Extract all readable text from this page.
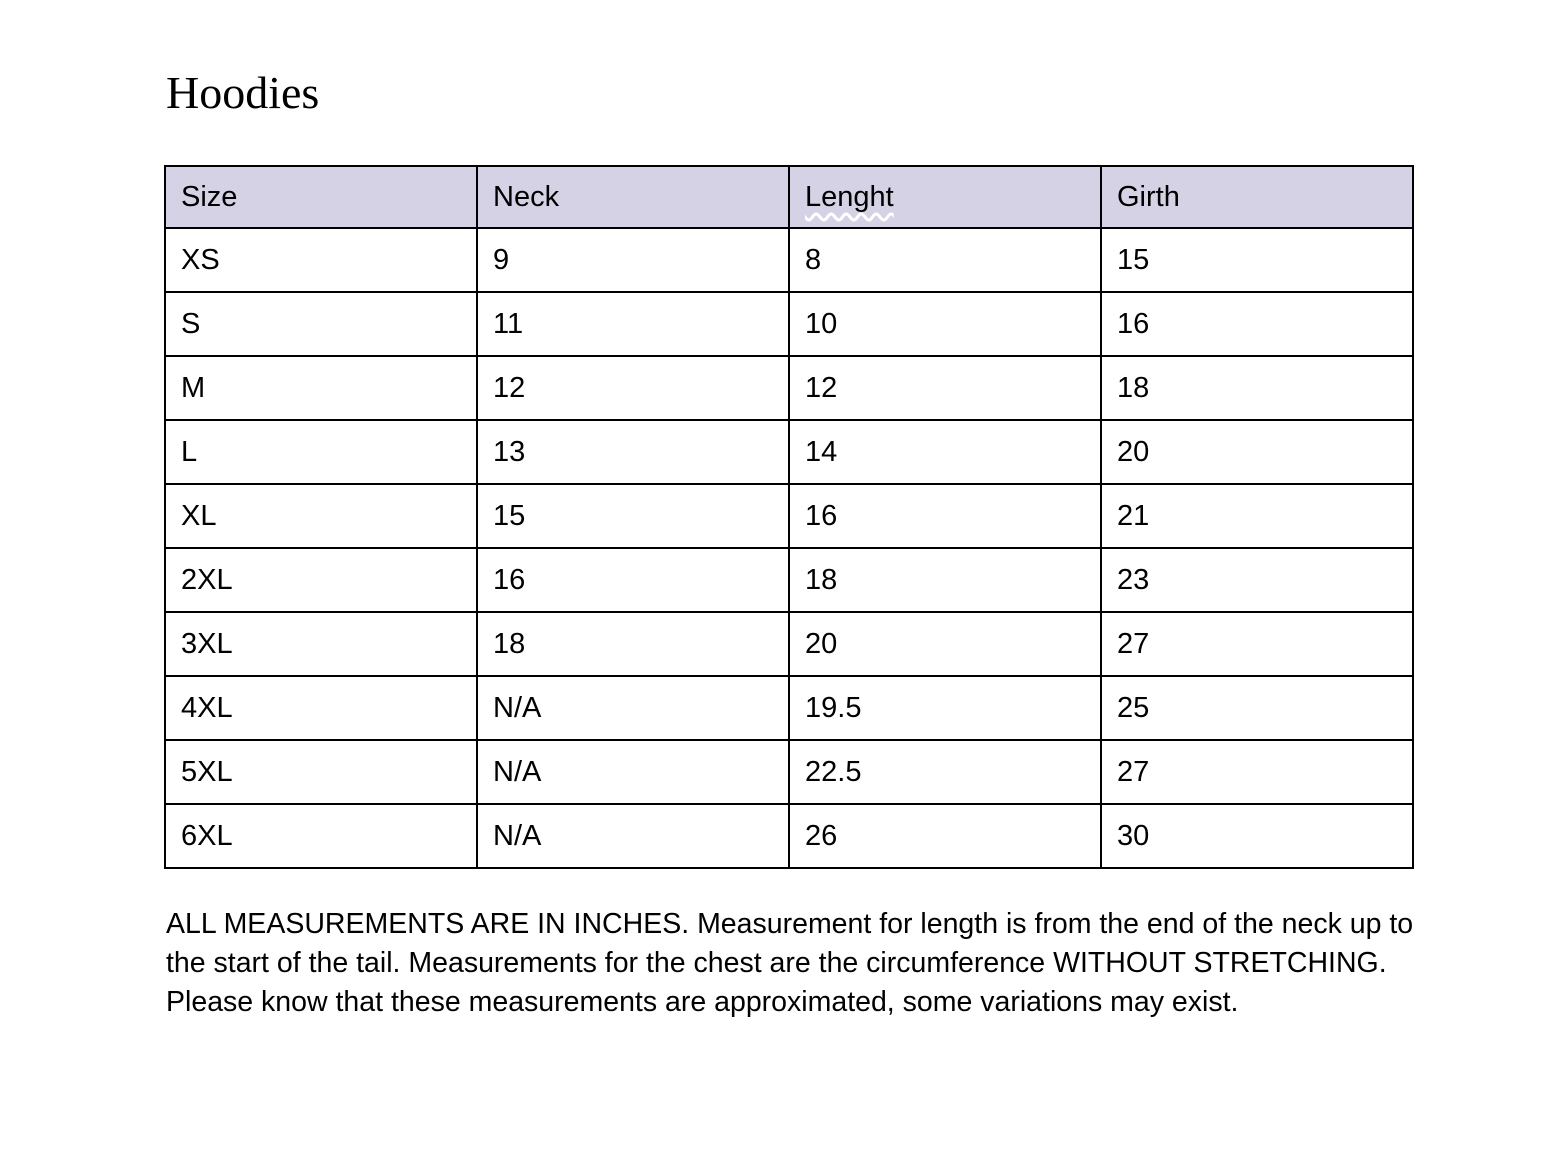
Hoodies
Size	Neck	Lenght	Girth
XS	9	8	15
S	11	10	16
M	12	12	18
L	13	14	20
XL	15	16	21
2XL	16	18	23
3XL	18	20	27
4XL	N/A	19.5	25
5XL	N/A	22.5	27
6XL	N/A	26	30

ALL MEASUREMENTS ARE IN INCHES. Measurement for length is from the end of the neck up to the start of the tail. Measurements for the chest are the circumference WITHOUT STRETCHING. Please know that these measurements are approximated, some variations may exist.
